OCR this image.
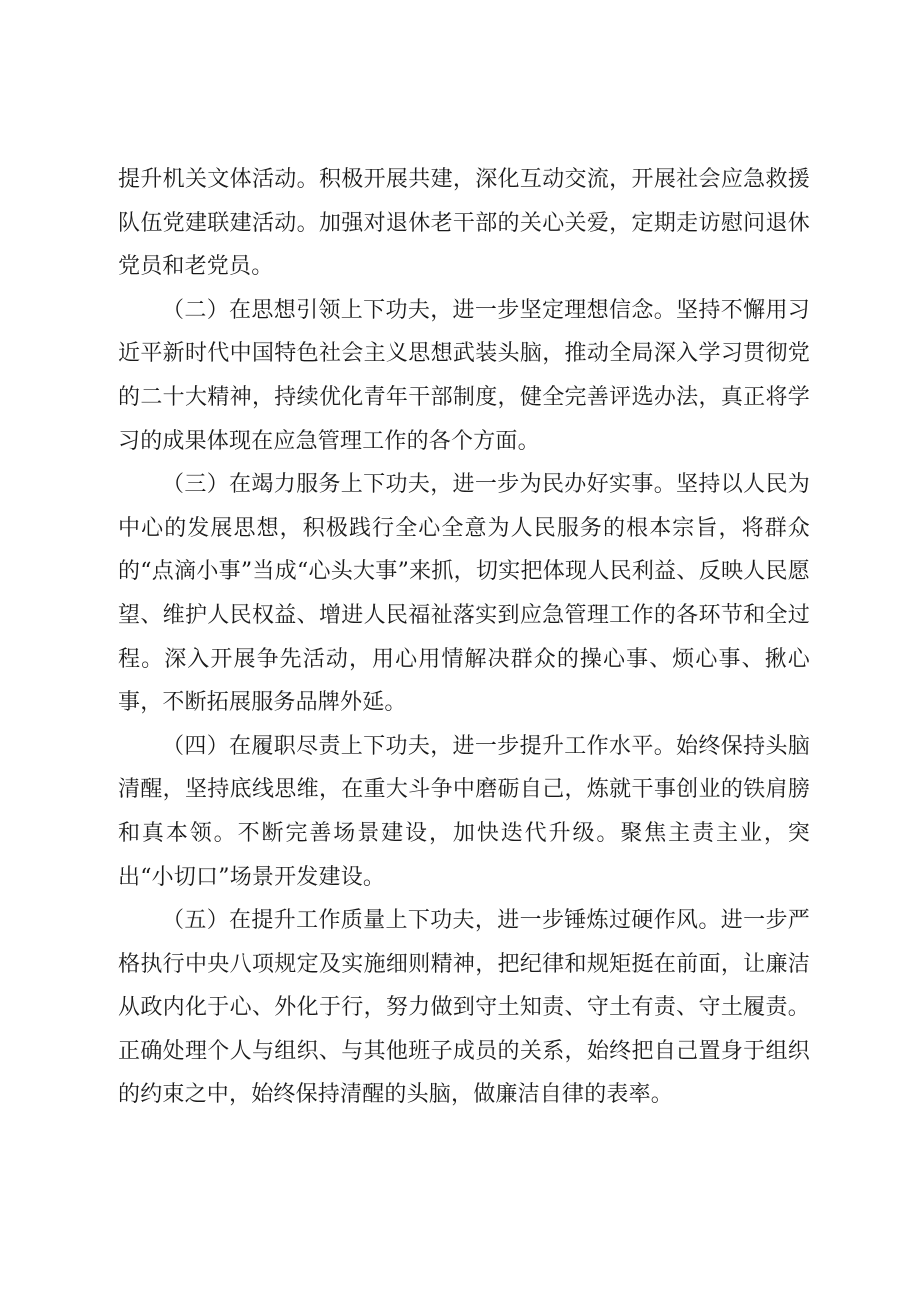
提升机关文体活动。积极开展共建，深化互动交流，开展社会应急救援队伍党建联建活动。加强对退休老干部的关心关爱，定期走访慰问退休党员和老党员。

（二）在思想引领上下功夫，进一步坚定理想信念。坚持不懈用习近平新时代中国特色社会主义思想武装头脑，推动全局深入学习贯彻党的二十大精神，持续优化青年干部制度，健全完善评选办法，真正将学习的成果体现在应急管理工作的各个方面。

（三）在竭力服务上下功夫，进一步为民办好实事。坚持以人民为中心的发展思想，积极践行全心全意为人民服务的根本宗旨，将群众的“点滴小事”当成“心头大事”来抓，切实把体现人民利益、反映人民愿望、维护人民权益、增进人民福祉落实到应急管理工作的各环节和全过程。深入开展争先活动，用心用情解决群众的操心事、烦心事、揪心事，不断拓展服务品牌外延。

（四）在履职尽责上下功夫，进一步提升工作水平。始终保持头脑清醒，坚持底线思维，在重大斗争中磨砺自己，炼就干事创业的铁肩膀和真本领。不断完善场景建设，加快迭代升级。聚焦主责主业，突出“小切口”场景开发建设。

（五）在提升工作质量上下功夫，进一步锤炼过硬作风。进一步严格执行中央八项规定及实施细则精神，把纪律和规矩挺在前面，让廉洁从政内化于心、外化于行，努力做到守土知责、守土有责、守土履责。正确处理个人与组织、与其他班子成员的关系，始终把自己置身于组织的约束之中，始终保持清醒的头脑，做廉洁自律的表率。
